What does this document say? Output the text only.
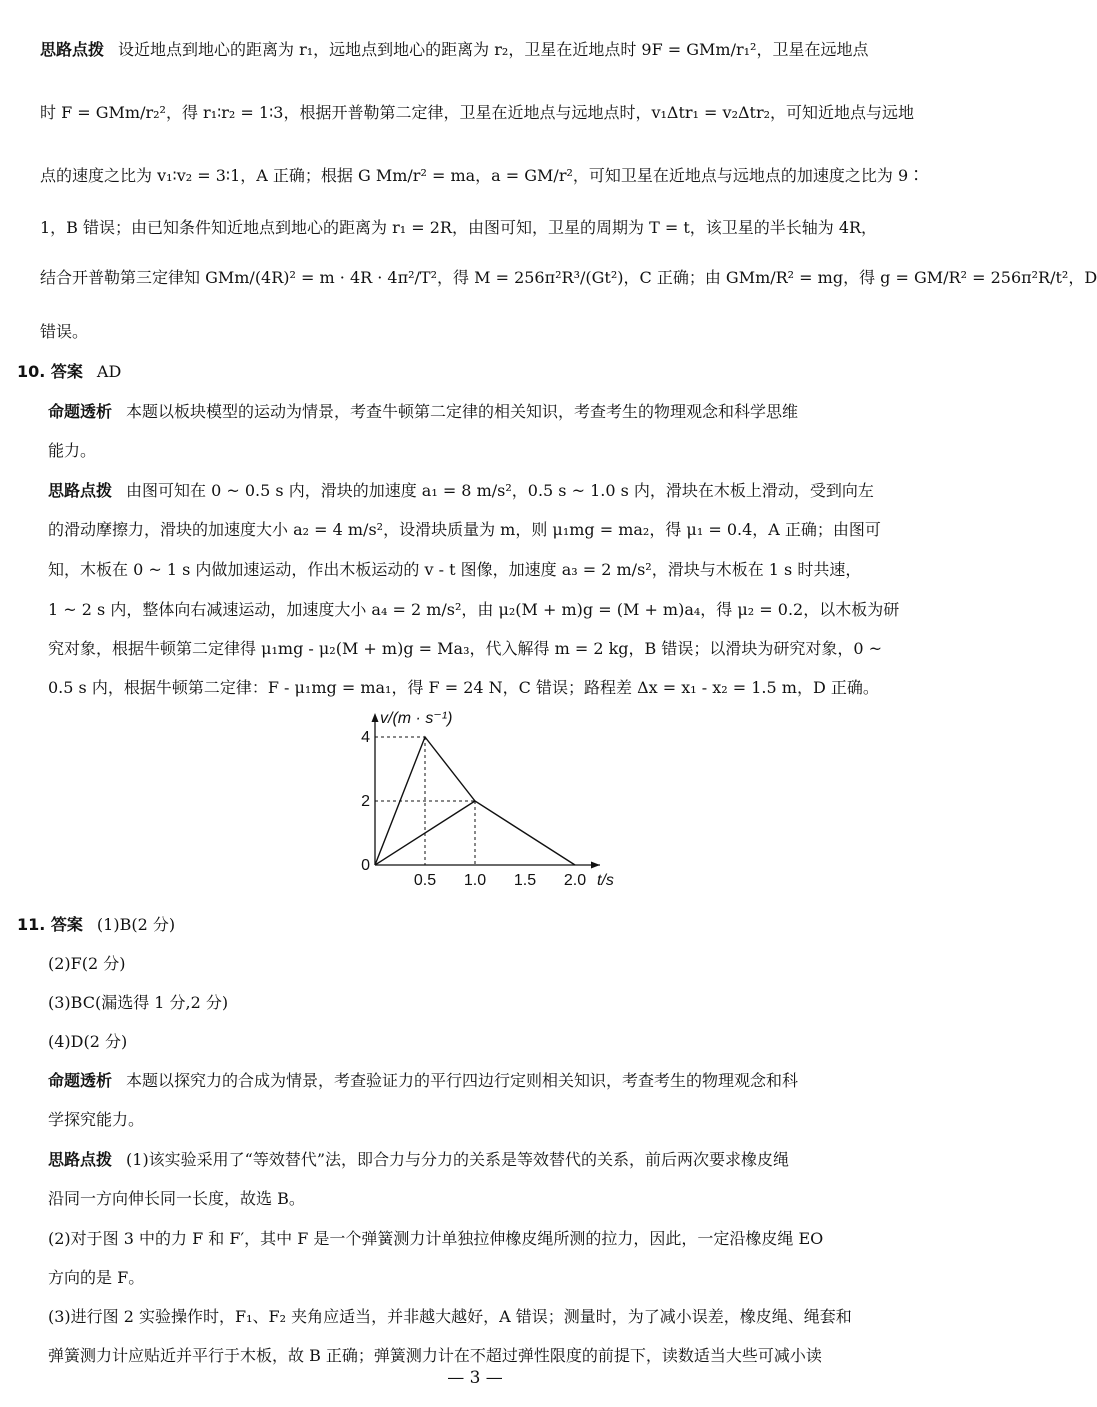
思路点拨 设近地点到地心的距离为 r₁，远地点到地心的距离为 r₂，卫星在近地点时 9F = GMm/r₁²，卫星在远地点
时 F = GMm/r₂²，得 r₁∶r₂ = 1∶3，根据开普勒第二定律，卫星在近地点与远地点时，v₁Δtr₁ = v₂Δtr₂，可知近地点与远地
点的速度之比为 v₁∶v₂ = 3∶1，A 正确；根据 G Mm/r² = ma，a = GM/r²，可知卫星在近地点与远地点的加速度之比为 9∶
1，B 错误；由已知条件知近地点到地心的距离为 r₁ = 2R，由图可知，卫星的周期为 T = t，该卫星的半长轴为 4R，
结合开普勒第三定律知 GMm/(4R)² = m · 4R · 4π²/T²，得 M = 256π²R³/(Gt²)，C 正确；由 GMm/R² = mg，得 g = GM/R² = 256π²R/t²，D
错误。
10. 答案 AD
命题透析 本题以板块模型的运动为情景，考查牛顿第二定律的相关知识，考查考生的物理观念和科学思维
能力。
思路点拨 由图可知在 0 ~ 0.5 s 内，滑块的加速度 a₁ = 8 m/s²，0.5 s ~ 1.0 s 内，滑块在木板上滑动，受到向左
的滑动摩擦力，滑块的加速度大小 a₂ = 4 m/s²，设滑块质量为 m，则 μ₁mg = ma₂，得 μ₁ = 0.4，A 正确；由图可
知，木板在 0 ~ 1 s 内做加速运动，作出木板运动的 v - t 图像，加速度 a₃ = 2 m/s²，滑块与木板在 1 s 时共速，
1 ~ 2 s 内，整体向右减速运动，加速度大小 a₄ = 2 m/s²，由 μ₂(M + m)g = (M + m)a₄，得 μ₂ = 0.2，以木板为研
究对象，根据牛顿第二定律得 μ₁mg - μ₂(M + m)g = Ma₃，代入解得 m = 2 kg，B 错误；以滑块为研究对象，0 ~
0.5 s 内，根据牛顿第二定律：F - μ₁mg = ma₁，得 F = 24 N，C 错误；路程差 Δx = x₁ - x₂ = 1.5 m，D 正确。
11. 答案 (1)B(2 分)
(2)F(2 分)
(3)BC(漏选得 1 分,2 分)
(4)D(2 分)
命题透析 本题以探究力的合成为情景，考查验证力的平行四边行定则相关知识，考查考生的物理观念和科
学探究能力。
思路点拨 (1)该实验采用了“等效替代”法，即合力与分力的关系是等效替代的关系，前后两次要求橡皮绳
沿同一方向伸长同一长度，故选 B。
(2)对于图 3 中的力 F 和 F′，其中 F 是一个弹簧测力计单独拉伸橡皮绳所测的拉力，因此，一定沿橡皮绳 EO
方向的是 F。
(3)进行图 2 实验操作时，F₁、F₂ 夹角应适当，并非越大越好，A 错误；测量时，为了减小误差，橡皮绳、绳套和
弹簧测力计应贴近并平行于木板，故 B 正确；弹簧测力计在不超过弹性限度的前提下，读数适当大些可减小读
0.5 1.0 1.5 2.0
2
4
0
v/(m · s⁻¹)
t/s
— 3 —
